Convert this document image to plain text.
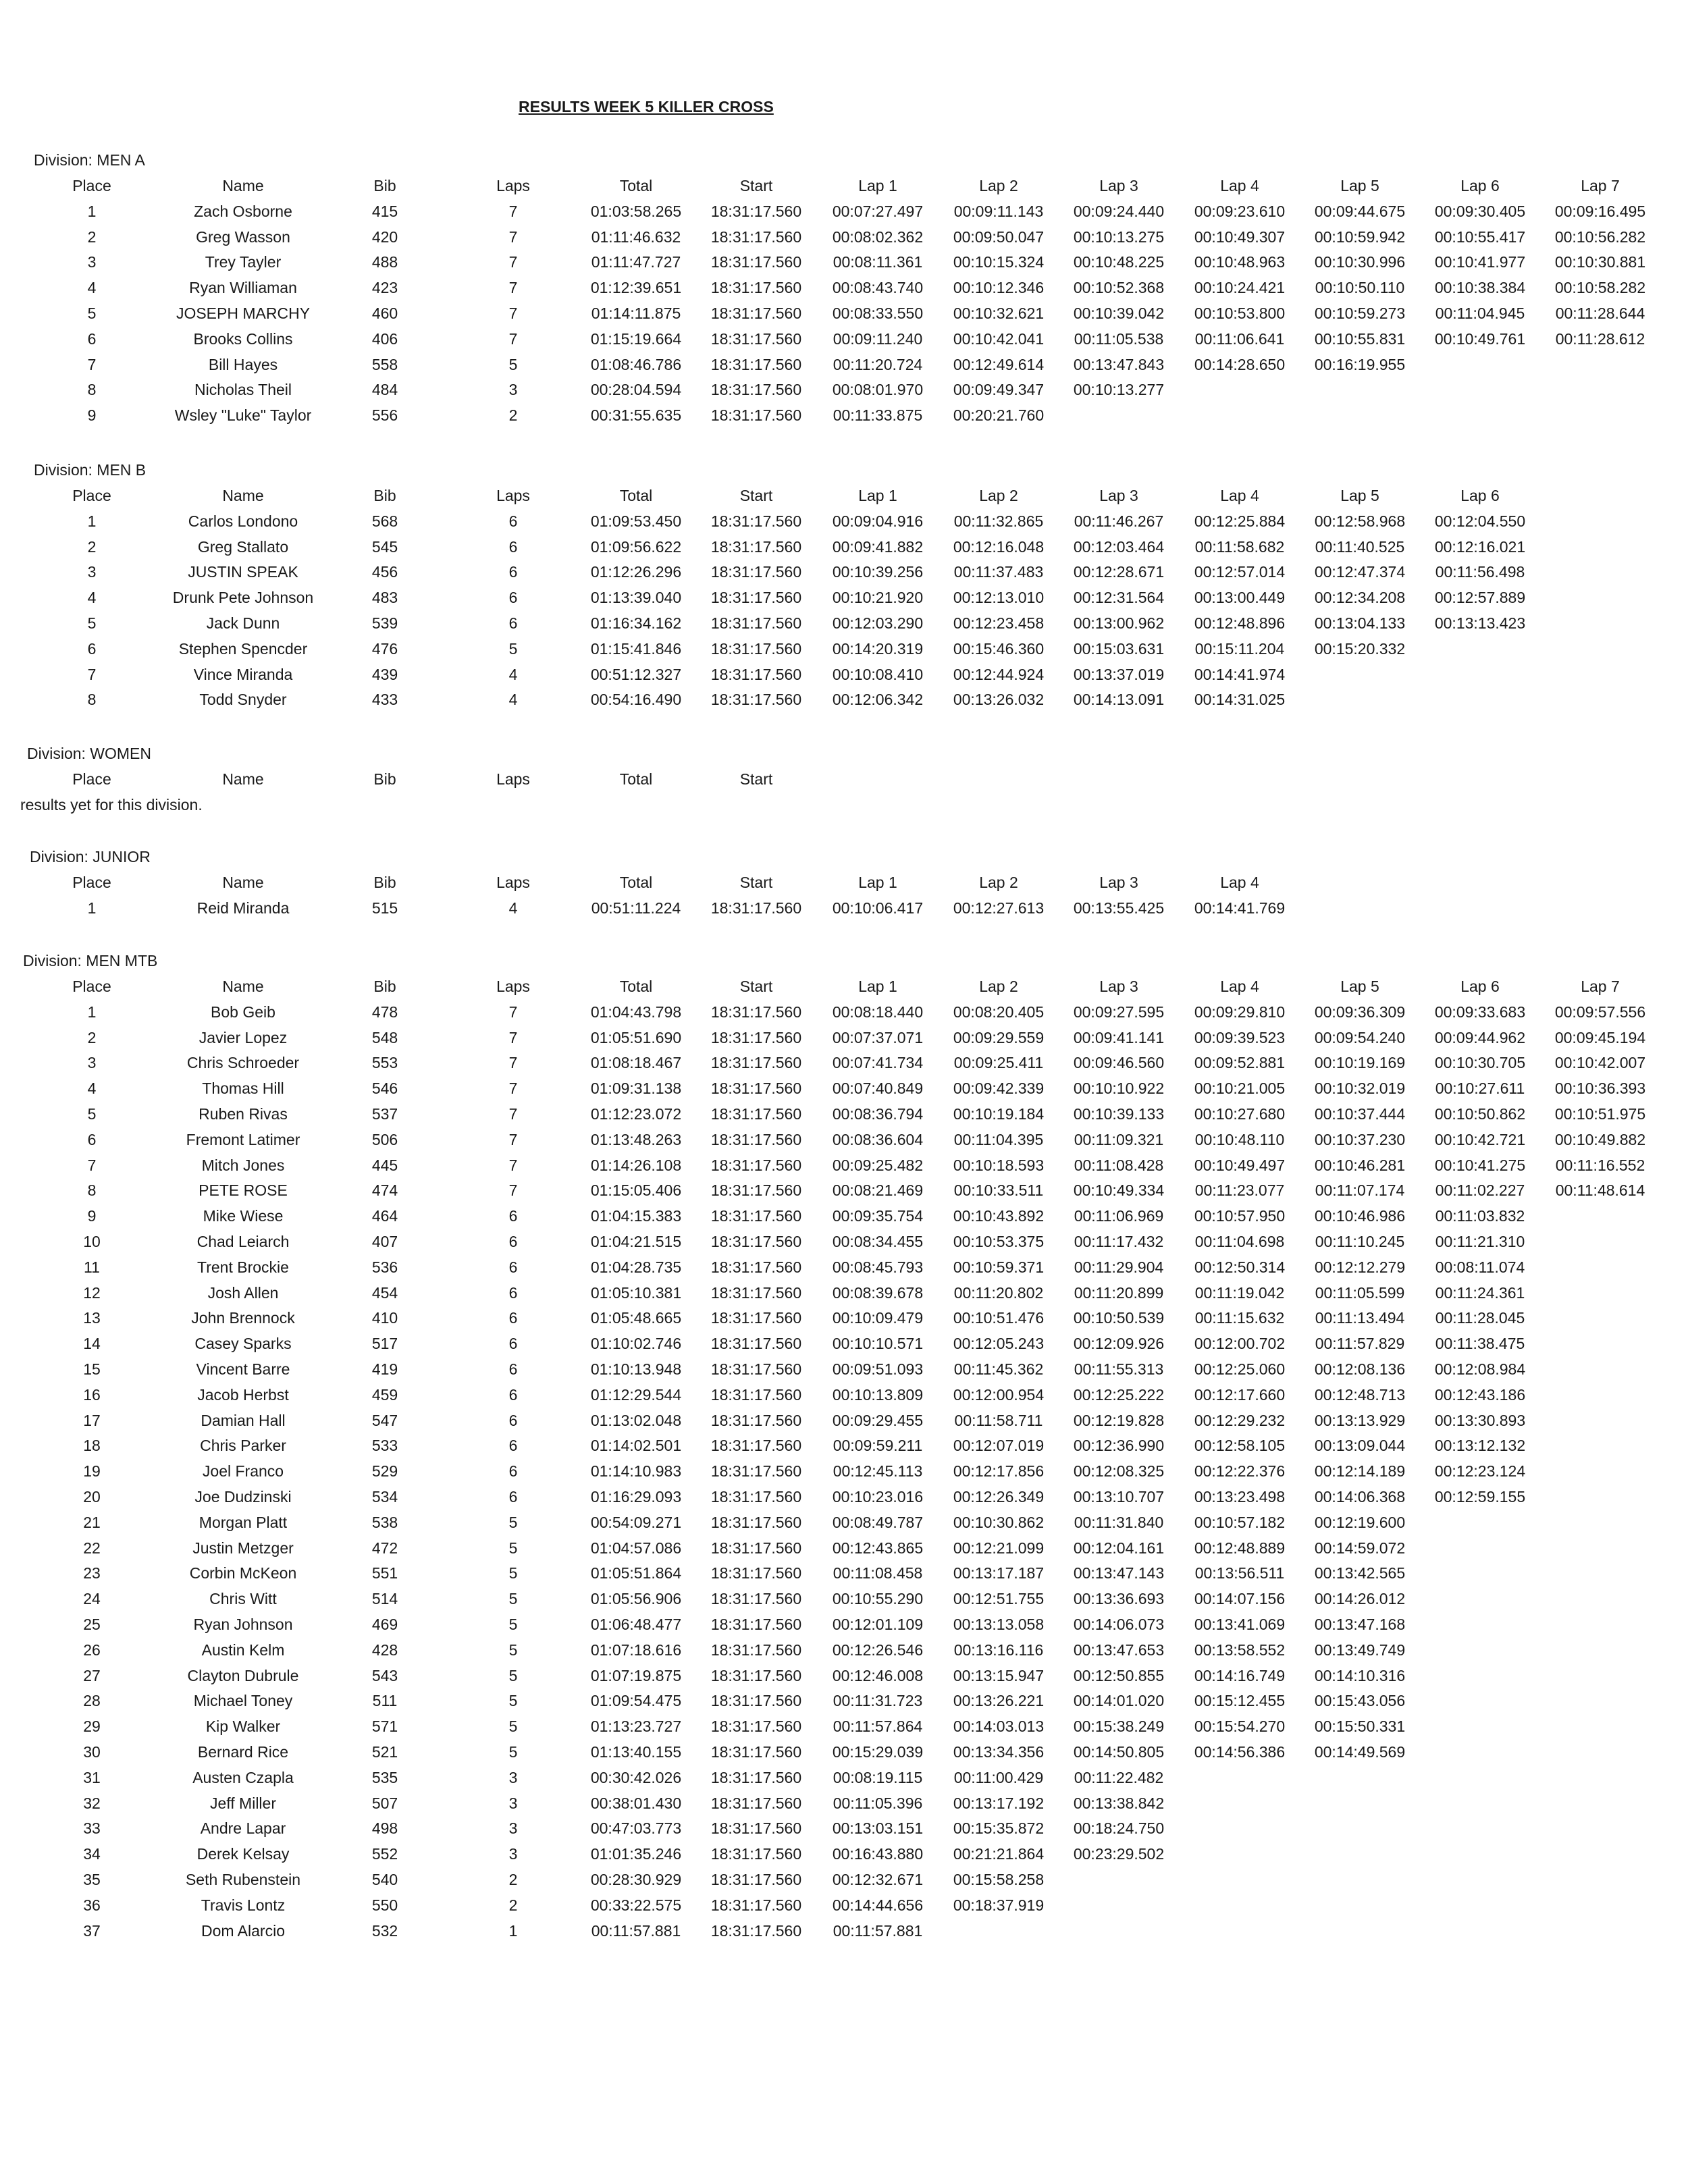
RESULTS WEEK 5 KILLER CROSS
Division: MEN A
Place	Name	Bib	Laps	Total	Start	Lap 1	Lap 2	Lap 3	Lap 4	Lap 5	Lap 6	Lap 7
1	Zach Osborne	415	7	01:03:58.265	18:31:17.560	00:07:27.497	00:09:11.143	00:09:24.440	00:09:23.610	00:09:44.675	00:09:30.405	00:09:16.495
2	Greg Wasson	420	7	01:11:46.632	18:31:17.560	00:08:02.362	00:09:50.047	00:10:13.275	00:10:49.307	00:10:59.942	00:10:55.417	00:10:56.282
3	Trey Tayler	488	7	01:11:47.727	18:31:17.560	00:08:11.361	00:10:15.324	00:10:48.225	00:10:48.963	00:10:30.996	00:10:41.977	00:10:30.881
4	Ryan Williaman	423	7	01:12:39.651	18:31:17.560	00:08:43.740	00:10:12.346	00:10:52.368	00:10:24.421	00:10:50.110	00:10:38.384	00:10:58.282
5	JOSEPH MARCHY	460	7	01:14:11.875	18:31:17.560	00:08:33.550	00:10:32.621	00:10:39.042	00:10:53.800	00:10:59.273	00:11:04.945	00:11:28.644
6	Brooks Collins	406	7	01:15:19.664	18:31:17.560	00:09:11.240	00:10:42.041	00:11:05.538	00:11:06.641	00:10:55.831	00:10:49.761	00:11:28.612
7	Bill Hayes	558	5	01:08:46.786	18:31:17.560	00:11:20.724	00:12:49.614	00:13:47.843	00:14:28.650	00:16:19.955
8	Nicholas Theil	484	3	00:28:04.594	18:31:17.560	00:08:01.970	00:09:49.347	00:10:13.277
9	Wsley "Luke" Taylor	556	2	00:31:55.635	18:31:17.560	00:11:33.875	00:20:21.760
Division: MEN B
Place	Name	Bib	Laps	Total	Start	Lap 1	Lap 2	Lap 3	Lap 4	Lap 5	Lap 6
1	Carlos Londono	568	6	01:09:53.450	18:31:17.560	00:09:04.916	00:11:32.865	00:11:46.267	00:12:25.884	00:12:58.968	00:12:04.550
2	Greg Stallato	545	6	01:09:56.622	18:31:17.560	00:09:41.882	00:12:16.048	00:12:03.464	00:11:58.682	00:11:40.525	00:12:16.021
3	JUSTIN SPEAK	456	6	01:12:26.296	18:31:17.560	00:10:39.256	00:11:37.483	00:12:28.671	00:12:57.014	00:12:47.374	00:11:56.498
4	Drunk Pete Johnson	483	6	01:13:39.040	18:31:17.560	00:10:21.920	00:12:13.010	00:12:31.564	00:13:00.449	00:12:34.208	00:12:57.889
5	Jack Dunn	539	6	01:16:34.162	18:31:17.560	00:12:03.290	00:12:23.458	00:13:00.962	00:12:48.896	00:13:04.133	00:13:13.423
6	Stephen Spencder	476	5	01:15:41.846	18:31:17.560	00:14:20.319	00:15:46.360	00:15:03.631	00:15:11.204	00:15:20.332
7	Vince Miranda	439	4	00:51:12.327	18:31:17.560	00:10:08.410	00:12:44.924	00:13:37.019	00:14:41.974
8	Todd Snyder	433	4	00:54:16.490	18:31:17.560	00:12:06.342	00:13:26.032	00:14:13.091	00:14:31.025
Division: WOMEN
Place	Name	Bib	Laps	Total	Start
results yet for this division.
Division: JUNIOR
Place	Name	Bib	Laps	Total	Start	Lap 1	Lap 2	Lap 3	Lap 4
1	Reid Miranda	515	4	00:51:11.224	18:31:17.560	00:10:06.417	00:12:27.613	00:13:55.425	00:14:41.769
Division: MEN MTB
Place	Name	Bib	Laps	Total	Start	Lap 1	Lap 2	Lap 3	Lap 4	Lap 5	Lap 6	Lap 7
1	Bob Geib	478	7	01:04:43.798	18:31:17.560	00:08:18.440	00:08:20.405	00:09:27.595	00:09:29.810	00:09:36.309	00:09:33.683	00:09:57.556
2	Javier Lopez	548	7	01:05:51.690	18:31:17.560	00:07:37.071	00:09:29.559	00:09:41.141	00:09:39.523	00:09:54.240	00:09:44.962	00:09:45.194
3	Chris Schroeder	553	7	01:08:18.467	18:31:17.560	00:07:41.734	00:09:25.411	00:09:46.560	00:09:52.881	00:10:19.169	00:10:30.705	00:10:42.007
4	Thomas Hill	546	7	01:09:31.138	18:31:17.560	00:07:40.849	00:09:42.339	00:10:10.922	00:10:21.005	00:10:32.019	00:10:27.611	00:10:36.393
5	Ruben Rivas	537	7	01:12:23.072	18:31:17.560	00:08:36.794	00:10:19.184	00:10:39.133	00:10:27.680	00:10:37.444	00:10:50.862	00:10:51.975
6	Fremont Latimer	506	7	01:13:48.263	18:31:17.560	00:08:36.604	00:11:04.395	00:11:09.321	00:10:48.110	00:10:37.230	00:10:42.721	00:10:49.882
7	Mitch Jones	445	7	01:14:26.108	18:31:17.560	00:09:25.482	00:10:18.593	00:11:08.428	00:10:49.497	00:10:46.281	00:10:41.275	00:11:16.552
8	PETE ROSE	474	7	01:15:05.406	18:31:17.560	00:08:21.469	00:10:33.511	00:10:49.334	00:11:23.077	00:11:07.174	00:11:02.227	00:11:48.614
9	Mike Wiese	464	6	01:04:15.383	18:31:17.560	00:09:35.754	00:10:43.892	00:11:06.969	00:10:57.950	00:10:46.986	00:11:03.832
10	Chad Leiarch	407	6	01:04:21.515	18:31:17.560	00:08:34.455	00:10:53.375	00:11:17.432	00:11:04.698	00:11:10.245	00:11:21.310
11	Trent Brockie	536	6	01:04:28.735	18:31:17.560	00:08:45.793	00:10:59.371	00:11:29.904	00:12:50.314	00:12:12.279	00:08:11.074
12	Josh Allen	454	6	01:05:10.381	18:31:17.560	00:08:39.678	00:11:20.802	00:11:20.899	00:11:19.042	00:11:05.599	00:11:24.361
13	John Brennock	410	6	01:05:48.665	18:31:17.560	00:10:09.479	00:10:51.476	00:10:50.539	00:11:15.632	00:11:13.494	00:11:28.045
14	Casey Sparks	517	6	01:10:02.746	18:31:17.560	00:10:10.571	00:12:05.243	00:12:09.926	00:12:00.702	00:11:57.829	00:11:38.475
15	Vincent Barre	419	6	01:10:13.948	18:31:17.560	00:09:51.093	00:11:45.362	00:11:55.313	00:12:25.060	00:12:08.136	00:12:08.984
16	Jacob Herbst	459	6	01:12:29.544	18:31:17.560	00:10:13.809	00:12:00.954	00:12:25.222	00:12:17.660	00:12:48.713	00:12:43.186
17	Damian Hall	547	6	01:13:02.048	18:31:17.560	00:09:29.455	00:11:58.711	00:12:19.828	00:12:29.232	00:13:13.929	00:13:30.893
18	Chris Parker	533	6	01:14:02.501	18:31:17.560	00:09:59.211	00:12:07.019	00:12:36.990	00:12:58.105	00:13:09.044	00:13:12.132
19	Joel Franco	529	6	01:14:10.983	18:31:17.560	00:12:45.113	00:12:17.856	00:12:08.325	00:12:22.376	00:12:14.189	00:12:23.124
20	Joe Dudzinski	534	6	01:16:29.093	18:31:17.560	00:10:23.016	00:12:26.349	00:13:10.707	00:13:23.498	00:14:06.368	00:12:59.155
21	Morgan Platt	538	5	00:54:09.271	18:31:17.560	00:08:49.787	00:10:30.862	00:11:31.840	00:10:57.182	00:12:19.600
22	Justin Metzger	472	5	01:04:57.086	18:31:17.560	00:12:43.865	00:12:21.099	00:12:04.161	00:12:48.889	00:14:59.072
23	Corbin McKeon	551	5	01:05:51.864	18:31:17.560	00:11:08.458	00:13:17.187	00:13:47.143	00:13:56.511	00:13:42.565
24	Chris Witt	514	5	01:05:56.906	18:31:17.560	00:10:55.290	00:12:51.755	00:13:36.693	00:14:07.156	00:14:26.012
25	Ryan Johnson	469	5	01:06:48.477	18:31:17.560	00:12:01.109	00:13:13.058	00:14:06.073	00:13:41.069	00:13:47.168
26	Austin Kelm	428	5	01:07:18.616	18:31:17.560	00:12:26.546	00:13:16.116	00:13:47.653	00:13:58.552	00:13:49.749
27	Clayton Dubrule	543	5	01:07:19.875	18:31:17.560	00:12:46.008	00:13:15.947	00:12:50.855	00:14:16.749	00:14:10.316
28	Michael Toney	511	5	01:09:54.475	18:31:17.560	00:11:31.723	00:13:26.221	00:14:01.020	00:15:12.455	00:15:43.056
29	Kip Walker	571	5	01:13:23.727	18:31:17.560	00:11:57.864	00:14:03.013	00:15:38.249	00:15:54.270	00:15:50.331
30	Bernard Rice	521	5	01:13:40.155	18:31:17.560	00:15:29.039	00:13:34.356	00:14:50.805	00:14:56.386	00:14:49.569
31	Austen Czapla	535	3	00:30:42.026	18:31:17.560	00:08:19.115	00:11:00.429	00:11:22.482
32	Jeff Miller	507	3	00:38:01.430	18:31:17.560	00:11:05.396	00:13:17.192	00:13:38.842
33	Andre Lapar	498	3	00:47:03.773	18:31:17.560	00:13:03.151	00:15:35.872	00:18:24.750
34	Derek Kelsay	552	3	01:01:35.246	18:31:17.560	00:16:43.880	00:21:21.864	00:23:29.502
35	Seth Rubenstein	540	2	00:28:30.929	18:31:17.560	00:12:32.671	00:15:58.258
36	Travis Lontz	550	2	00:33:22.575	18:31:17.560	00:14:44.656	00:18:37.919
37	Dom Alarcio	532	1	00:11:57.881	18:31:17.560	00:11:57.881
